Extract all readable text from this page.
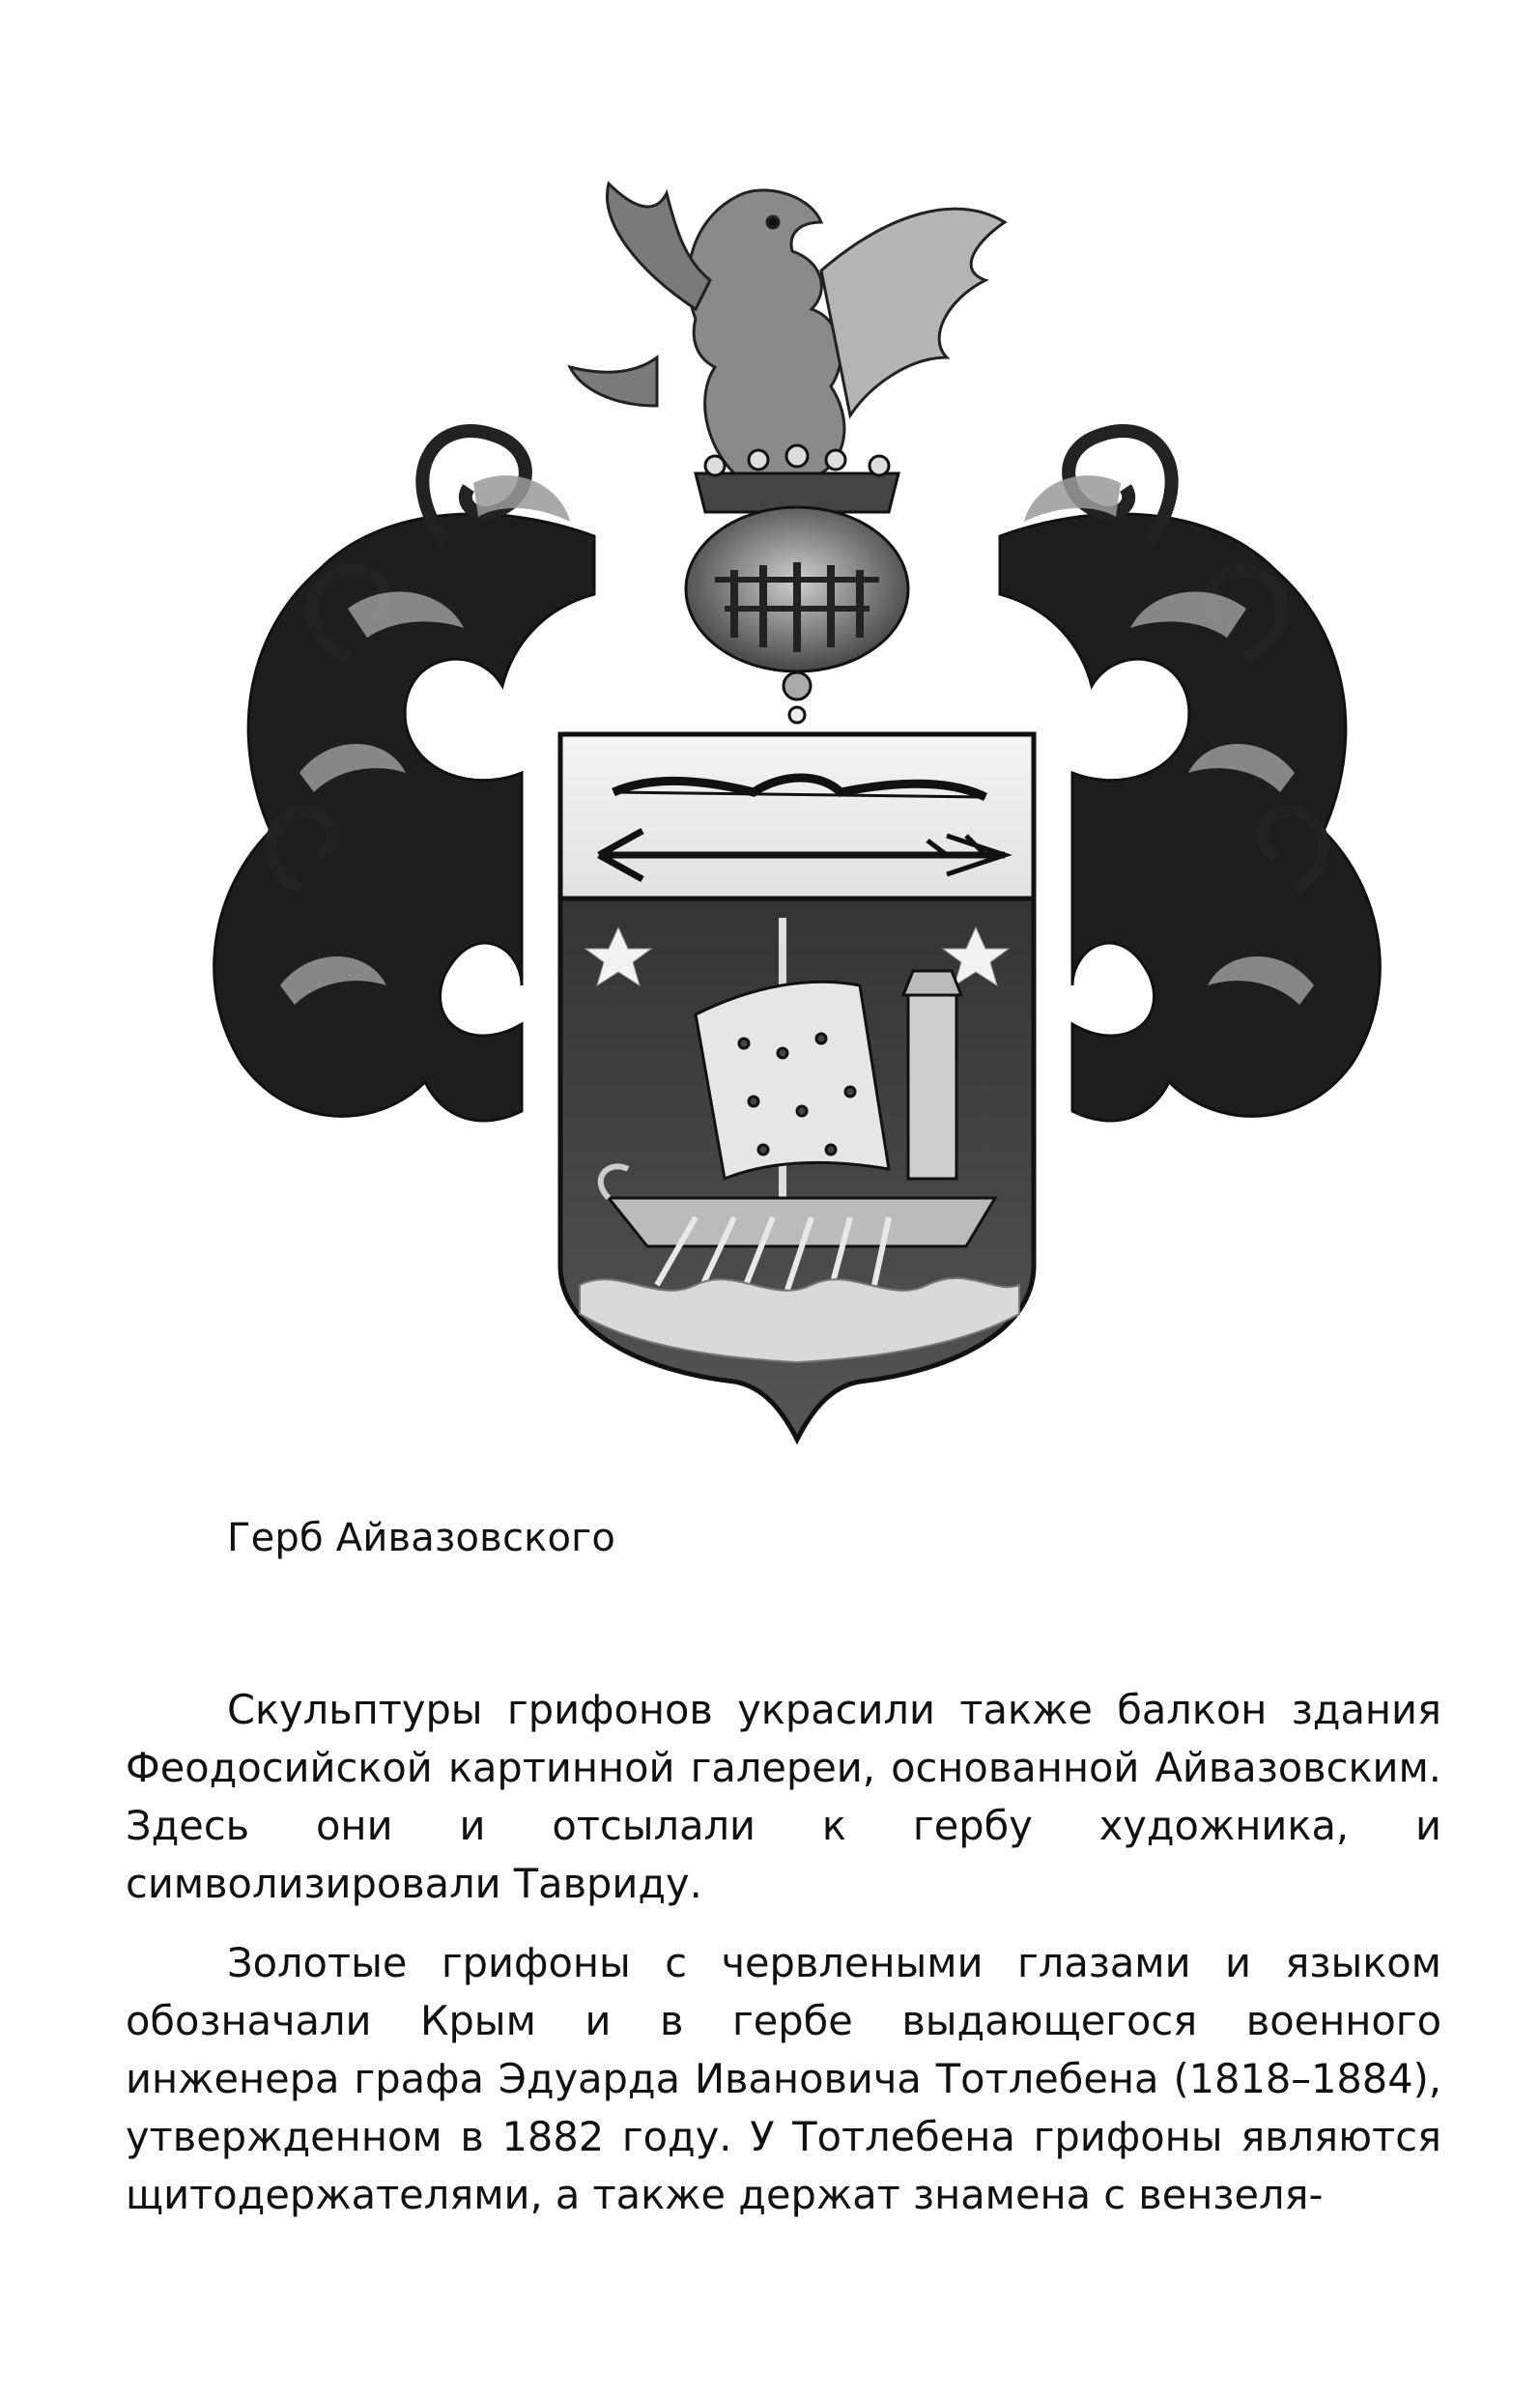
Герб Айвазовского

Скульптуры грифонов украсили также балкон здания Феодосийской картинной галереи, основанной Айвазовским. Здесь они и отсылали к гербу художника, и символизировали Тавриду.

Золотые грифоны с червлеными глазами и языком обозначали Крым и в гербе выдающегося военного инженера графа Эдуарда Ивановича Тотлебена (1818–1884), утвержденном в 1882 году. У Тотлебена грифоны являются щитодержателями, а также держат знамена с вензеля-
